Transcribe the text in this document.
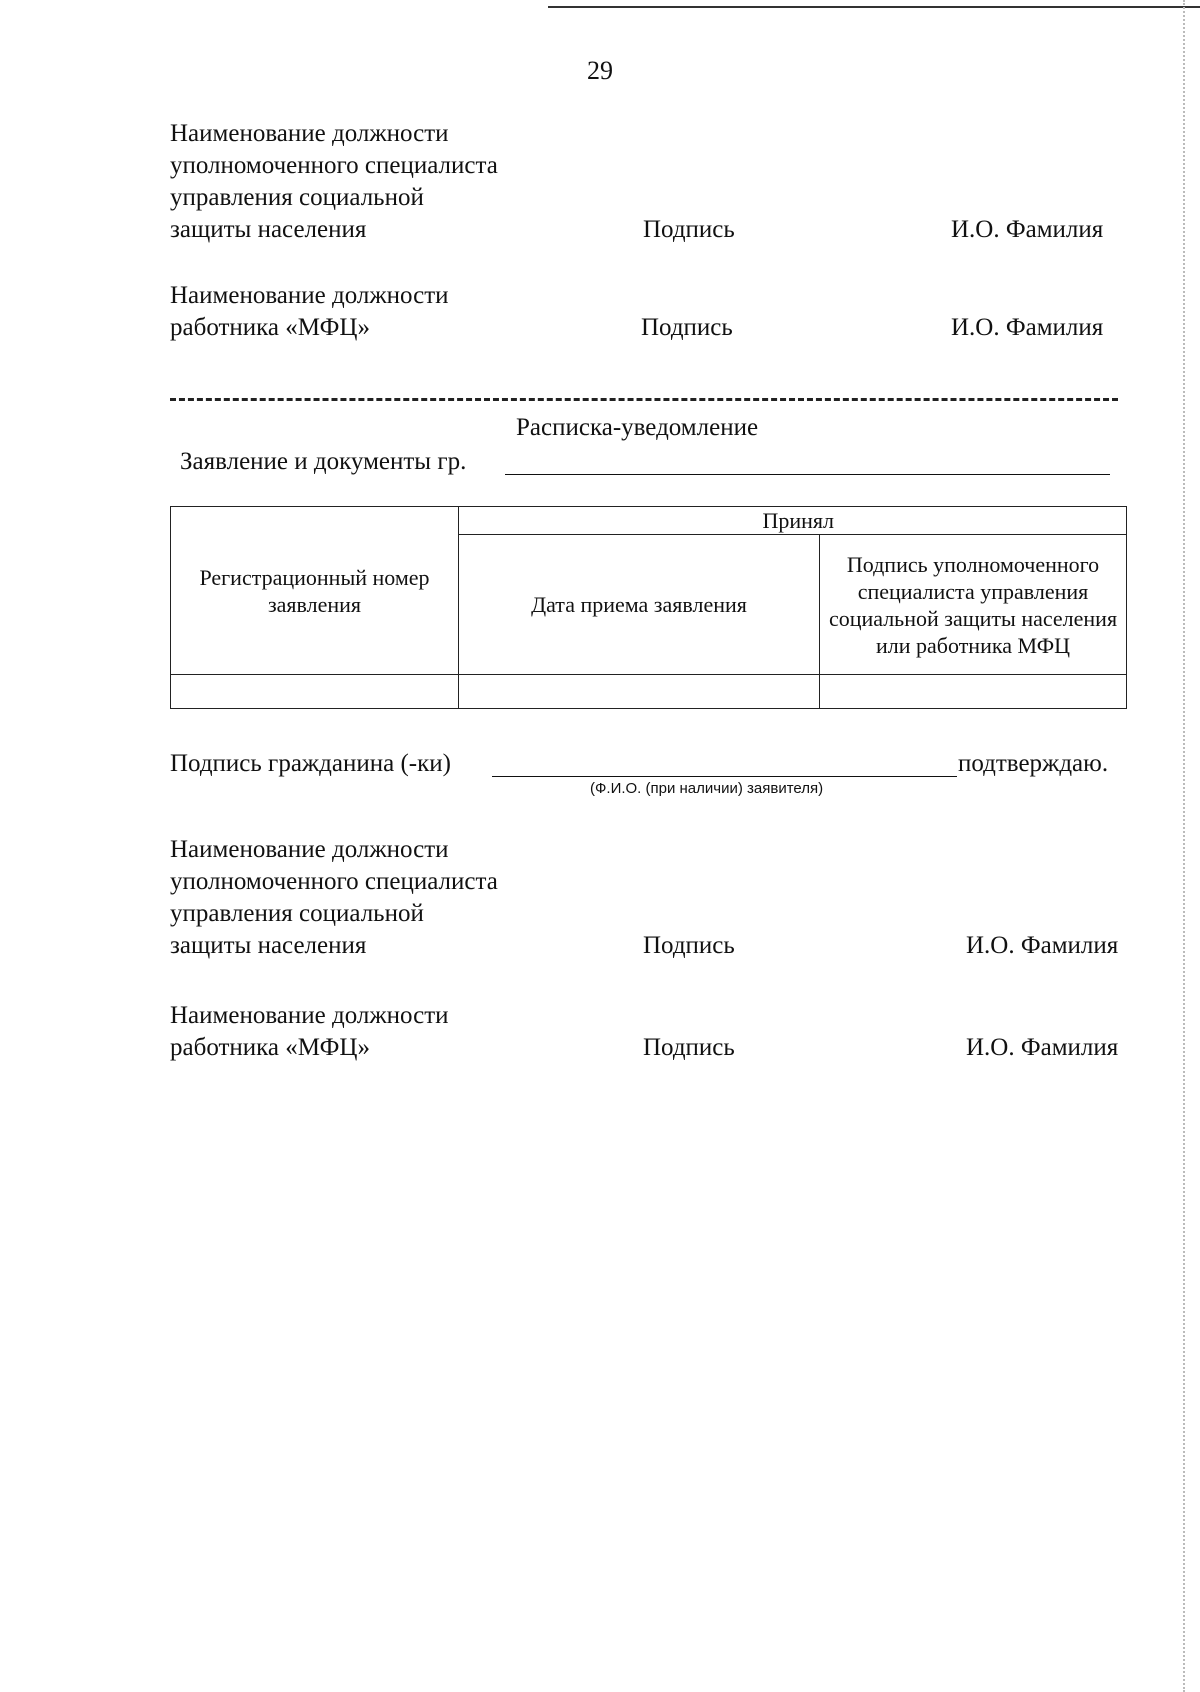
29
Наименование должности
уполномоченного специалиста
управления социальной
защиты населения	Подпись	И.О. Фамилия
Наименование должности
работника «МФЦ»	Подпись	И.О. Фамилия
Расписка-уведомление
Заявление и документы гр.
Регистрационный номер заявления	Принял	
	Дата приема заявления	Подпись уполномоченного специалиста управления социальной защиты населения или работника МФЦ

Подпись гражданина (-ки)	подтверждаю.
(Ф.И.О. (при наличии) заявителя)
Наименование должности
уполномоченного специалиста
управления социальной
защиты населения	Подпись	И.О. Фамилия
Наименование должности
работника «МФЦ»	Подпись	И.О. Фамилия
